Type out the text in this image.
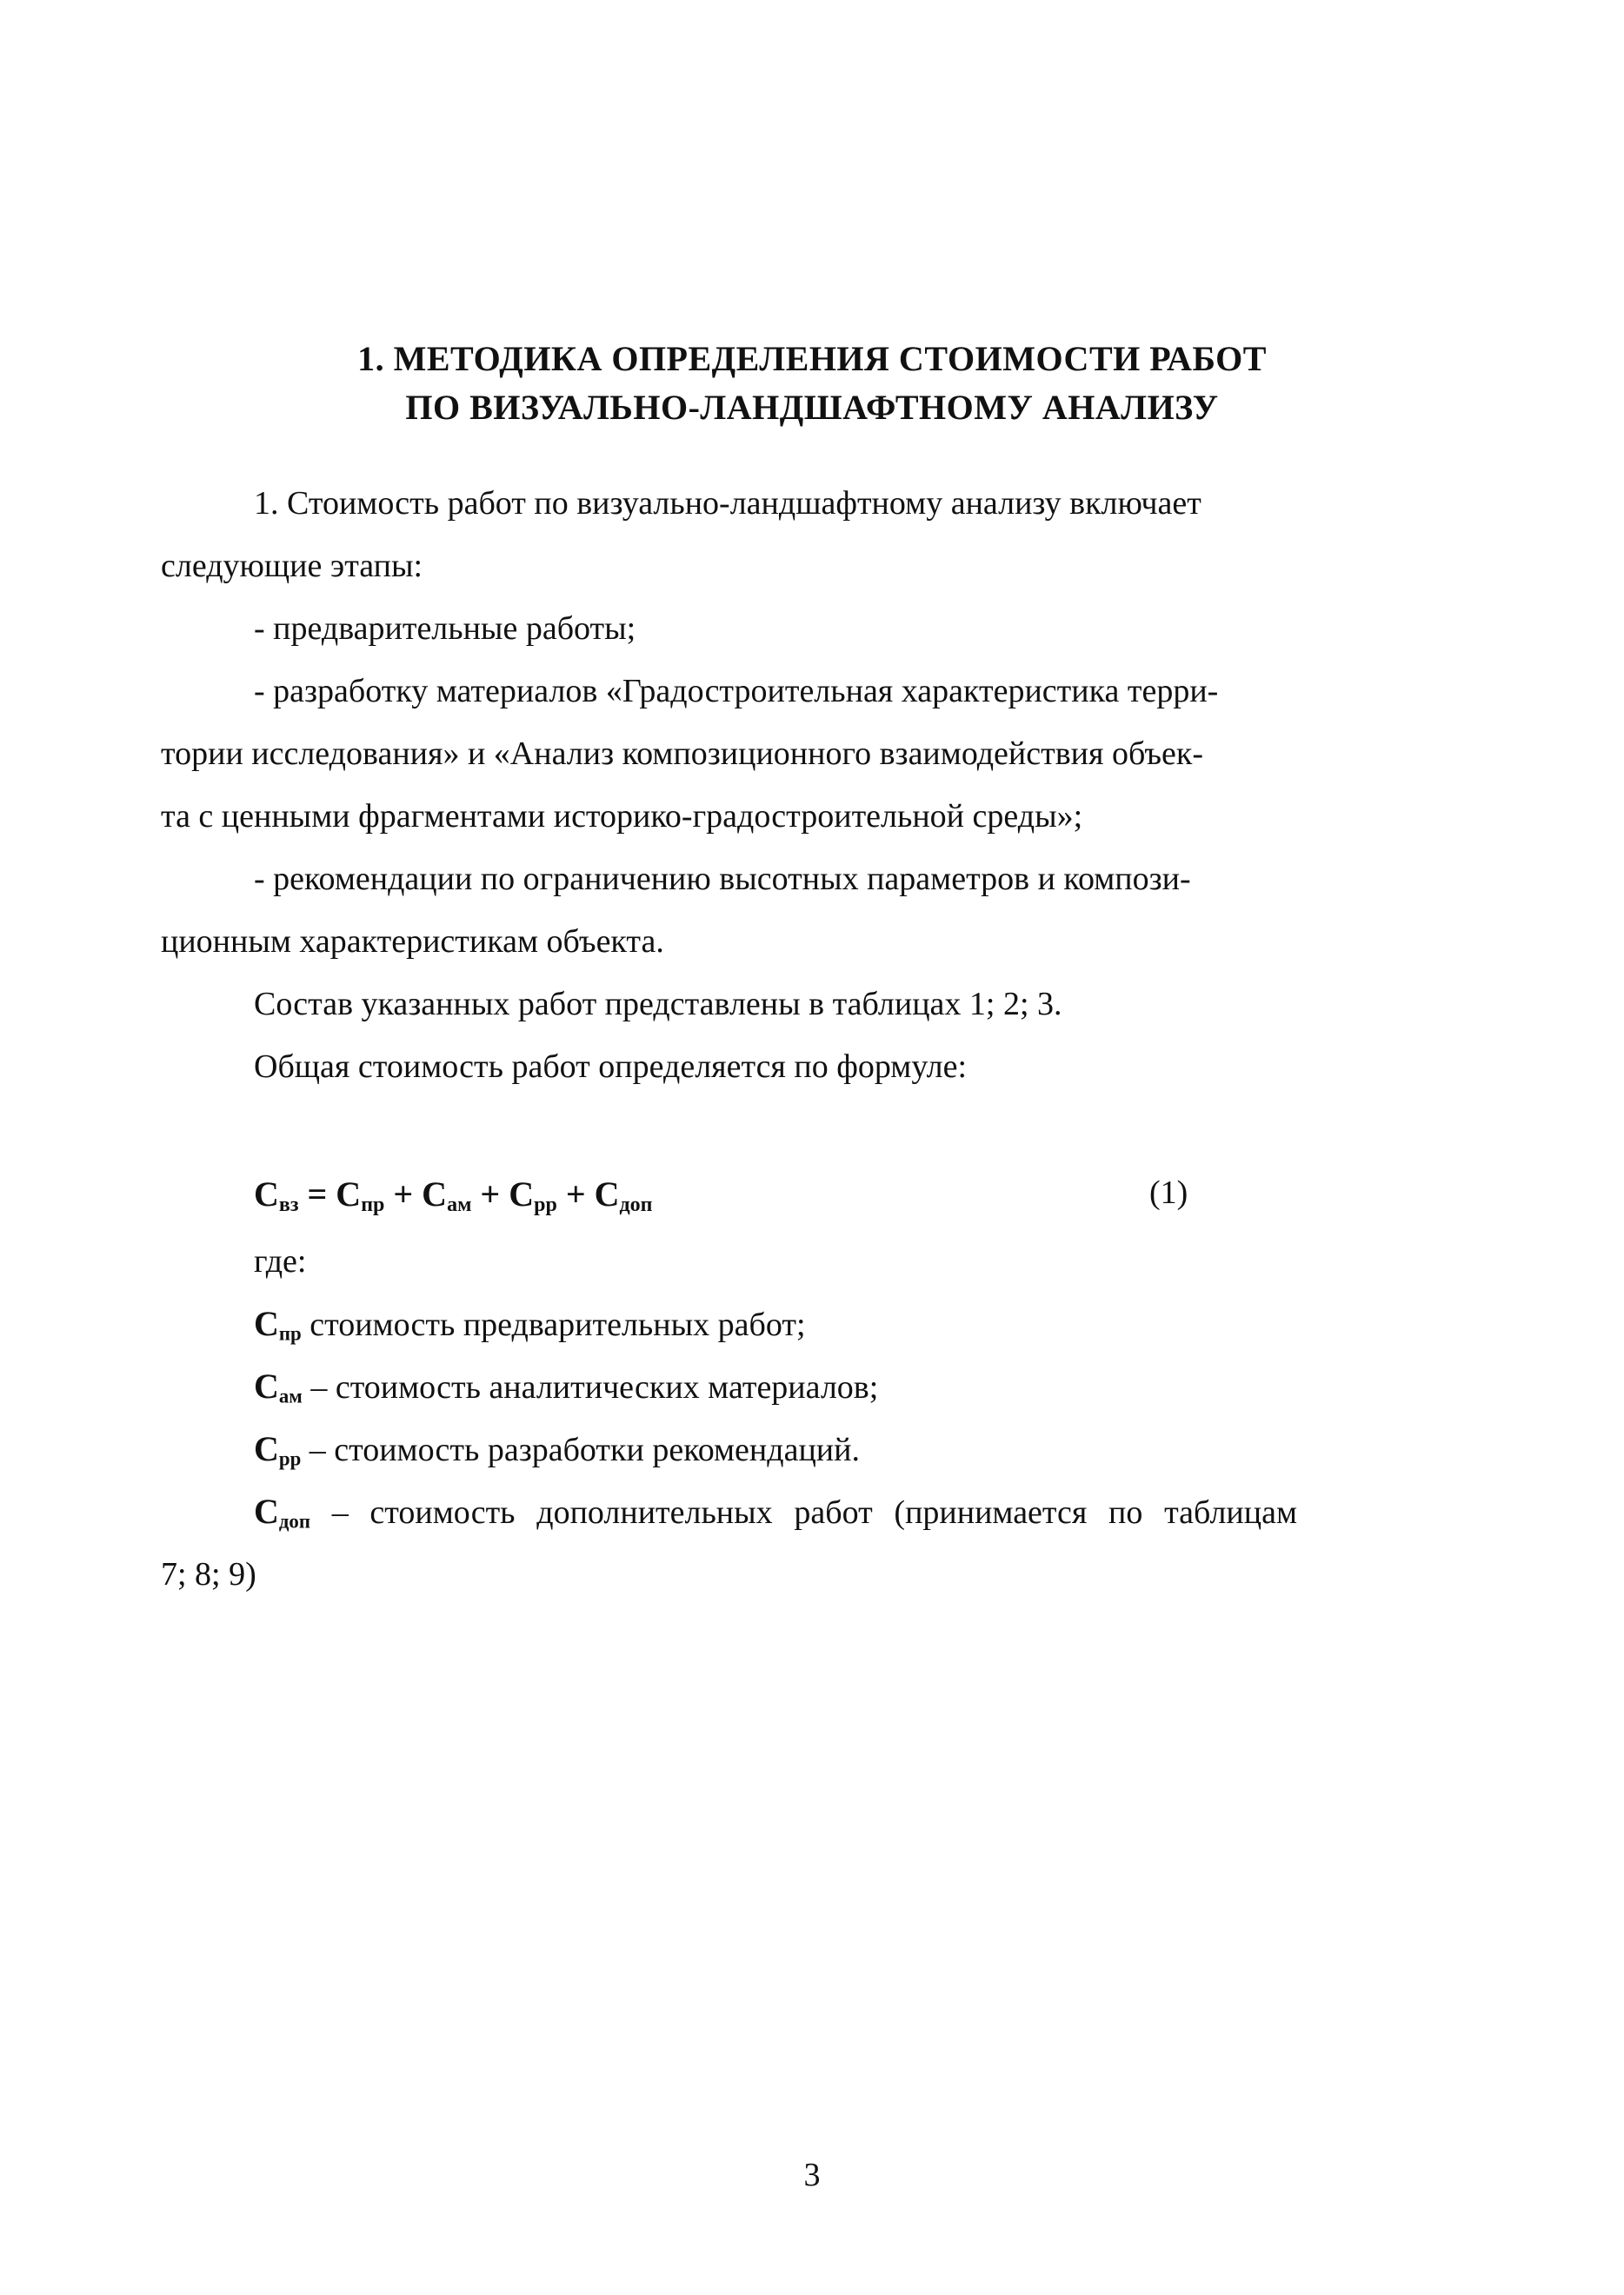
1. МЕТОДИКА ОПРЕДЕЛЕНИЯ СТОИМОСТИ РАБОТ
ПО ВИЗУАЛЬНО-ЛАНДШАФТНОМУ АНАЛИЗУ
1. Стоимость работ по визуально-ландшафтному анализу включает
следующие этапы:
- предварительные работы;
- разработку материалов «Градостроительная характеристика терри-
тории исследования» и «Анализ композиционного взаимодействия объек-
та с ценными фрагментами историко-градостроительной среды»;
- рекомендации по ограничению высотных параметров и компози-
ционным характеристикам объекта.
Состав указанных работ представлены в таблицах 1; 2; 3.
Общая стоимость работ определяется по формуле:
$С_{вз} = С_{пр} + С_{ам} + С_{рр} + С_{доп}$	(1)
где:
$С_{пр}$ стоимость предварительных работ;
$С_{ам}$ – стоимость аналитических материалов;
$С_{рр}$ – стоимость разработки рекомендаций.
$С_{доп}$ – стоимость дополнительных работ (принимается по таблицам
7; 8; 9)
3
